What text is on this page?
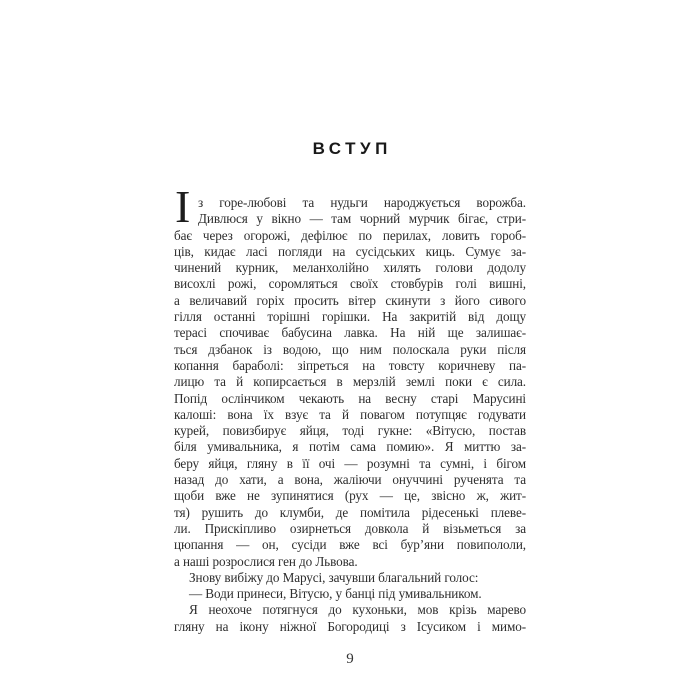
ВСТУП
І з горе-любові та нудьги народжується ворожба.
Дивлюся у вікно — там чорний мурчик бігає, стри-
бає через огорожі, дефілює по перилах, ловить гороб-
ців, кидає ласі погляди на сусідських киць. Сумує за-
чинений курник, меланхолійно хилять голови додолу
висохлі рожі, соромляться своїх стовбурів голі вишні,
а величавий горіх просить вітер скинути з його сивого
гілля останні торішні горішки. На закритій від дощу
терасі спочиває бабусина лавка. На ній ще залишає-
ться дзбанок із водою, що ним полоскала руки після
копання бараболі: зіпреться на товсту коричневу па-
лицю та й копирсається в мерзлій землі поки є сила.
Попід ослінчиком чекають на весну старі Марусині
калоші: вона їх взує та й повагом потупцяє годувати
курей, повизбирує яйця, тоді гукне: «Вітусю, постав
біля умивальника, я потім сама помию». Я миттю за-
беру яйця, гляну в її очі — розумні та сумні, і бігом
назад до хати, а вона, жаліючи онуччині рученята та
щоби вже не зупинятися (рух — це, звісно ж, жит-
тя) рушить до клумби, де помітила рідесенькі плеве-
ли. Прискіпливо озирнеться довкола й візьметься за
цюпання — он, сусіди вже всі бур’яни повипололи,
а наші розрослися ген до Львова.
Знову вибіжу до Марусі, зачувши благальний голос:
— Води принеси, Вітусю, у банці під умивальником.
Я неохоче потягнуся до кухоньки, мов крізь марево
гляну на ікону ніжної Богородиці з Ісусиком і мимо-
9
